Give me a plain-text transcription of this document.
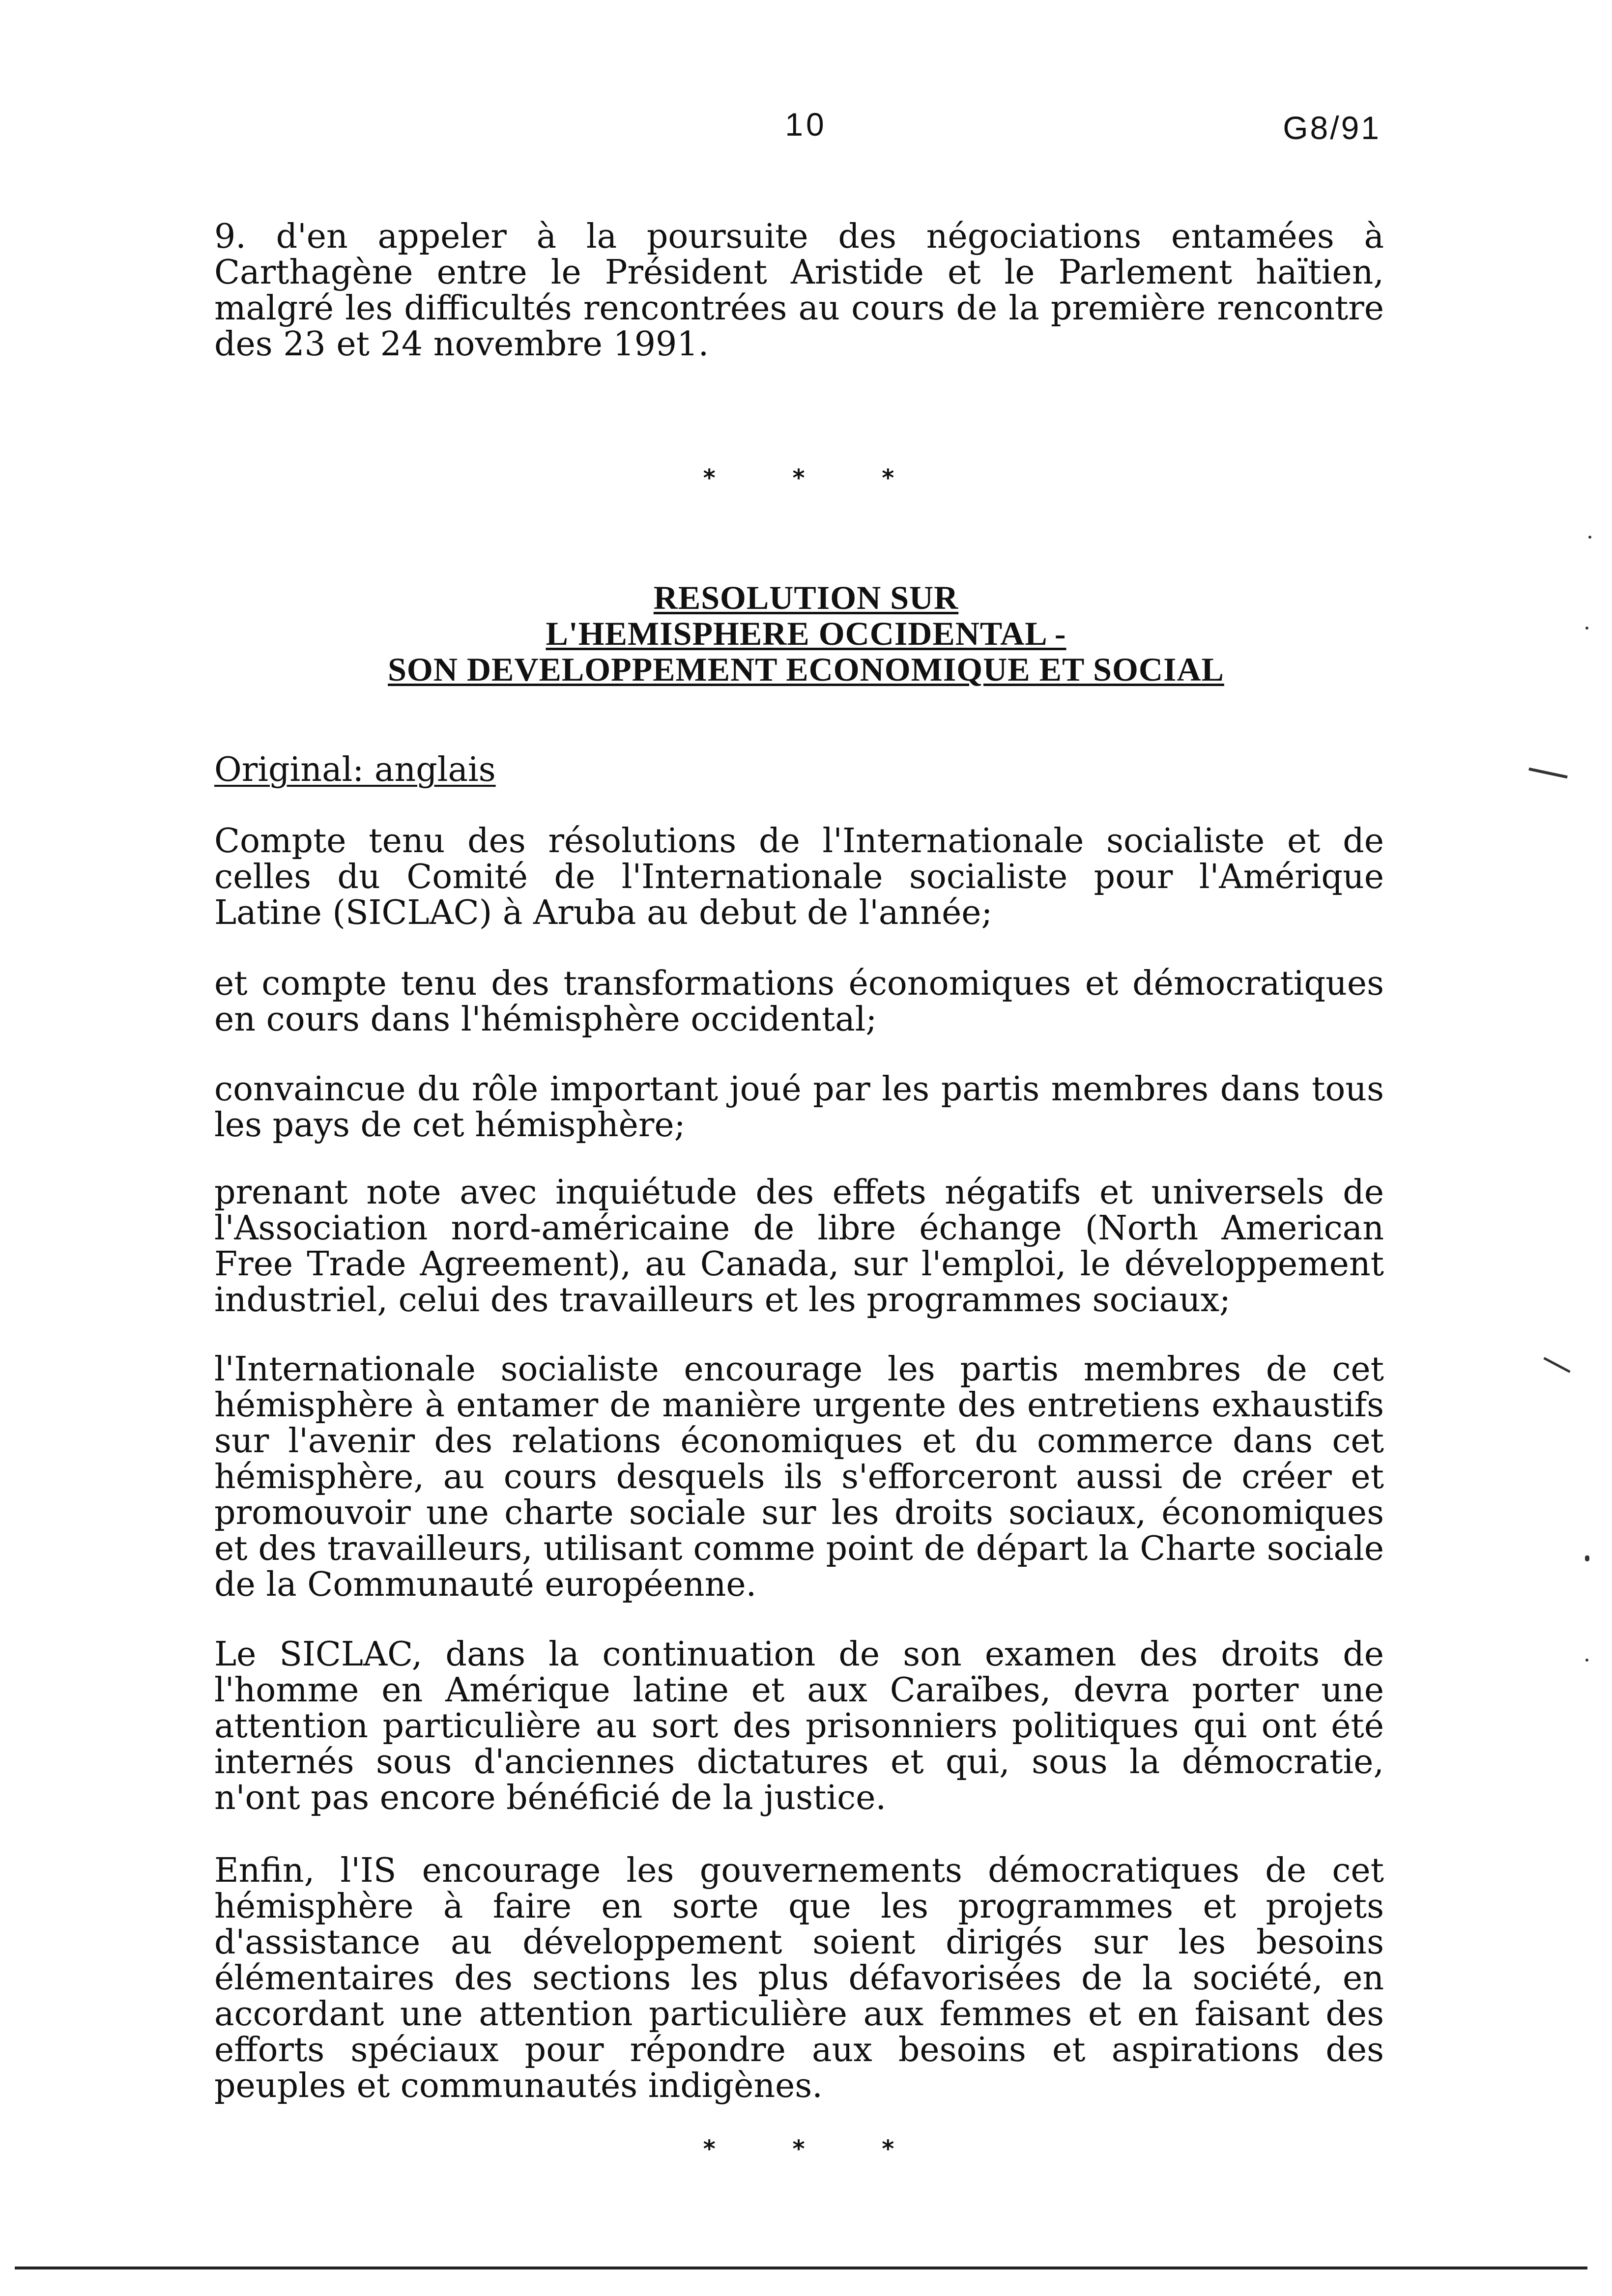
10	G8/91

9. d'en appeler à la poursuite des négociations entamées à Carthagène entre le Président Aristide et le Parlement haïtien, malgré les difficultés rencontrées au cours de la première rencontre des 23 et 24 novembre 1991.

* * *
RESOLUTION SUR
L'HEMISPHERE OCCIDENTAL -
SON DEVELOPPEMENT ECONOMIQUE ET SOCIAL
Original: anglais

Compte tenu des résolutions de l'Internationale socialiste et de celles du Comité de l'Internationale socialiste pour l'Amérique Latine (SICLAC) à Aruba au debut de l'année;

et compte tenu des transformations économiques et démocratiques en cours dans l'hémisphère occidental;

convaincue du rôle important joué par les partis membres dans tous les pays de cet hémisphère;

prenant note avec inquiétude des effets négatifs et universels de l'Association nord-américaine de libre échange (North American Free Trade Agreement), au Canada, sur l'emploi, le développement industriel, celui des travailleurs et les programmes sociaux;

l'Internationale socialiste encourage les partis membres de cet hémisphère à entamer de manière urgente des entretiens exhaustifs sur l'avenir des relations économiques et du commerce dans cet hémisphère, au cours desquels ils s'efforceront aussi de créer et promouvoir une charte sociale sur les droits sociaux, économiques et des travailleurs, utilisant comme point de départ la Charte sociale de la Communauté européenne.

Le SICLAC, dans la continuation de son examen des droits de l'homme en Amérique latine et aux Caraïbes, devra porter une attention particulière au sort des prisonniers politiques qui ont été internés sous d'anciennes dictatures et qui, sous la démocratie, n'ont pas encore bénéficié de la justice.

Enfin, l'IS encourage les gouvernements démocratiques de cet hémisphère à faire en sorte que les programmes et projets d'assistance au développement soient dirigés sur les besoins élémentaires des sections les plus défavorisées de la société, en accordant une attention particulière aux femmes et en faisant des efforts spéciaux pour répondre aux besoins et aspirations des peuples et communautés indigènes.

* * *
